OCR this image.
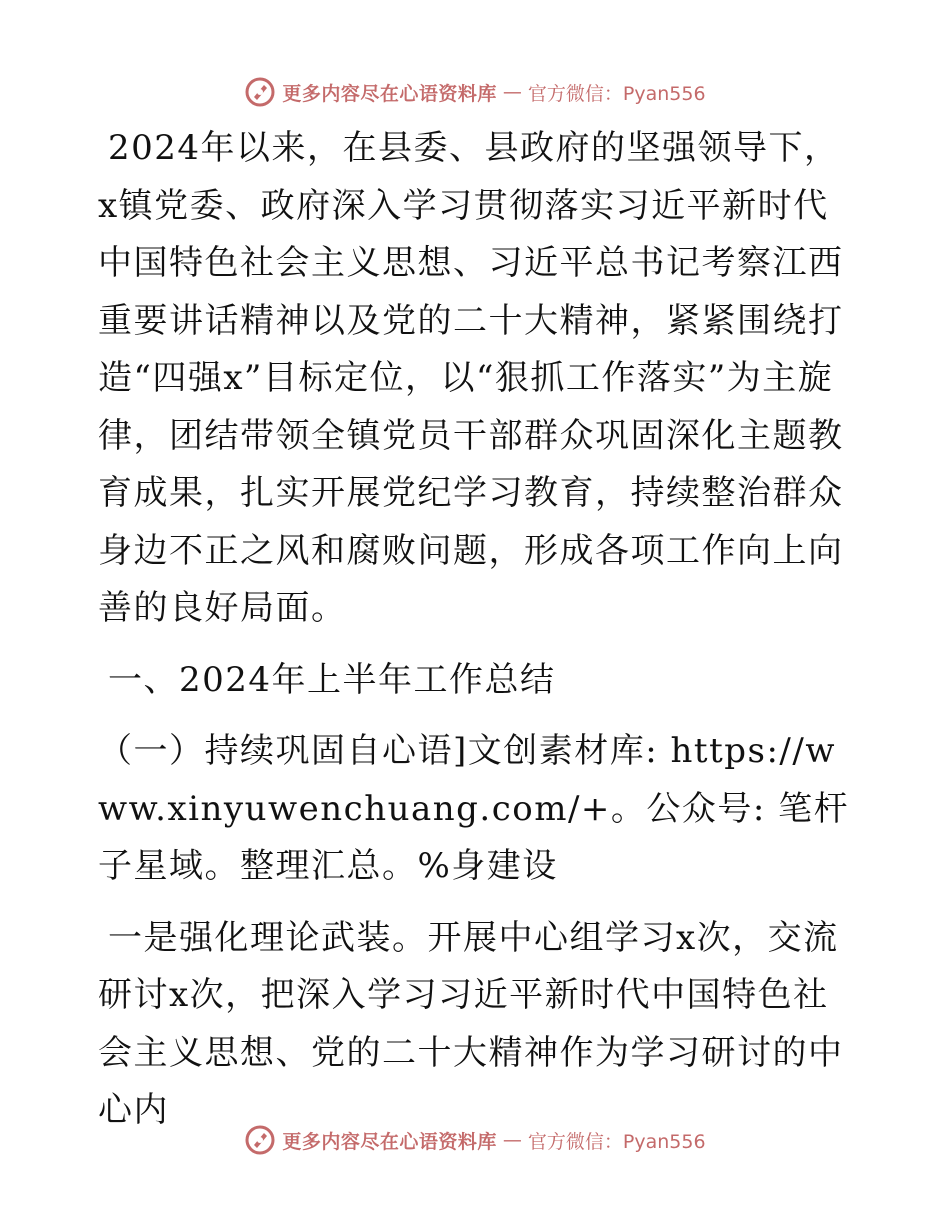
更多内容尽在心语资料库 — 官方微信：Pyan556

2024年以来，在县委、县政府的坚强领导下，x镇党委、政府深入学习贯彻落实习近平新时代中国特色社会主义思想、习近平总书记考察江西重要讲话精神以及党的二十大精神，紧紧围绕打造“四强x”目标定位，以“狠抓工作落实”为主旋律，团结带领全镇党员干部群众巩固深化主题教育成果，扎实开展党纪学习教育，持续整治群众身边不正之风和腐败问题，形成各项工作向上向善的良好局面。

一、2024年上半年工作总结

（一）持续巩固自心语]文创素材库: https://www.xinyuwenchuang.com/+。公众号: 笔杆子星域。整理汇总。%身建设

一是强化理论武装。开展中心组学习x次，交流研讨x次，把深入学习习近平新时代中国特色社会主义思想、党的二十大精神作为学习研讨的中心内

更多内容尽在心语资料库 — 官方微信：Pyan556
